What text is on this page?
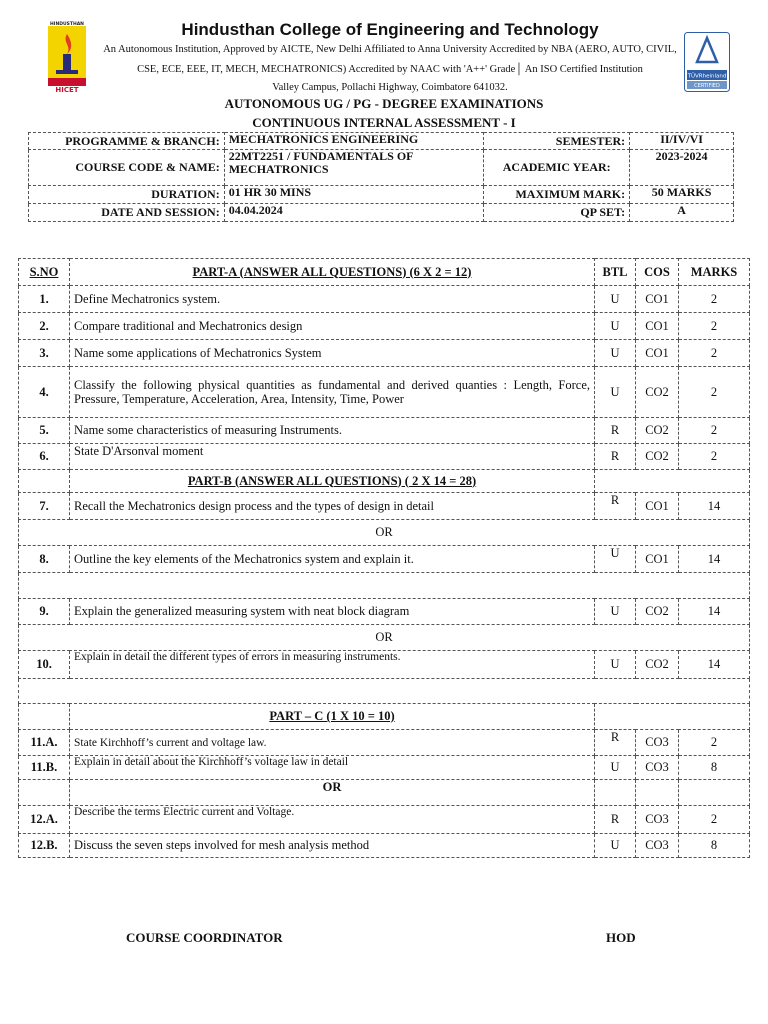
HINDUSTHAN
HICET
Hindusthan College of Engineering and Technology
An Autonomous Institution, Approved by AICTE, New Delhi Affiliated to Anna University Accredited by NBA (AERO, AUTO, CIVIL,
CSE, ECE, EEE, IT, MECH, MECHATRONICS) Accredited by NAAC with 'A++' Grade│ An ISO Certified Institution
Valley Campus, Pollachi Highway, Coimbatore 641032.
TÜVRheinland
CERTIFIED
AUTONOMOUS UG / PG - DEGREE EXAMINATIONS
CONTINUOUS INTERNAL ASSESSMENT - I
PROGRAMME & BRANCH:	MECHATRONICS ENGINEERING	SEMESTER:	II/IV/VI
COURSE CODE & NAME:	22MT2251 / FUNDAMENTALS OF
MECHATRONICS	ACADEMIC YEAR:	2023-2024
DURATION:	01 HR 30 MINS	MAXIMUM MARK:	50 MARKS
DATE AND SESSION:	04.04.2024	QP SET:	A
S.NO	PART-A (ANSWER ALL QUESTIONS) (6 X 2 = 12)	BTL	COS	MARKS
1.	Define Mechatronics system.	U	CO1	2
2.	Compare traditional and Mechatronics design	U	CO1	2
3.	Name some applications of Mechatronics System	U	CO1	2
4.	Classify the following physical quantities as fundamental and derived quanties : Length, Force, Pressure, Temperature, Acceleration, Area, Intensity, Time, Power	U	CO2	2
5.	Name some characteristics of measuring Instruments.	R	CO2	2
6.	State D'Arsonval moment	R	CO2	2
	PART-B (ANSWER ALL QUESTIONS) ( 2 X 14 = 28)			
7.	Recall the Mechatronics design process and the types of design in detail	R	CO1	14
OR				
8.	Outline the key elements of the Mechatronics system and explain it.	U	CO1	14

9.	Explain the generalized measuring system with neat block diagram	U	CO2	14
OR				
10.	Explain in detail the different types of errors in measuring instruments.	U	CO2	14

	PART – C (1 X 10 = 10)			
11.A.	State Kirchhoff’s current and voltage law.	R	CO3	2
11.B.	Explain in detail about the Kirchhoff’s voltage law in detail	U	CO3	8
	OR			
12.A.	Describe the terms Electric current and Voltage.	R	CO3	2
12.B.	Discuss the seven steps involved for mesh analysis method	U	CO3	8
COURSE COORDINATOR	HOD
